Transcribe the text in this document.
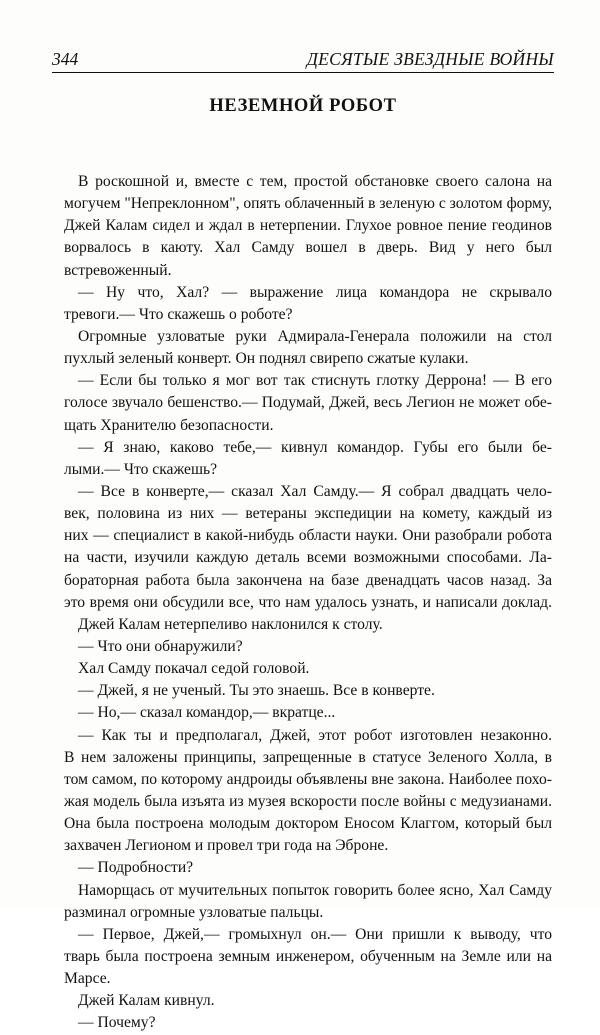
344	ДЕСЯТЫЕ ЗВЕЗДНЫЕ ВОЙНЫ
НЕЗЕМНОЙ РОБОТ
В роскошной и, вместе с тем, простой обстановке своего салона на
могучем "Непреклонном", опять облаченный в зеленую с золотом форму,
Джей Калам сидел и ждал в нетерпении. Глухое ровное пение геодинов
ворвалось в каюту. Хал Самду вошел в дверь. Вид у него был
встревоженный.
— Ну что, Хал? — выражение лица командора не скрывало
тревоги.— Что скажешь о роботе?
Огромные узловатые руки Адмирала-Генерала положили на стол
пухлый зеленый конверт. Он поднял свирепо сжатые кулаки.
— Если бы только я мог вот так стиснуть глотку Деррона! — В его
голосе звучало бешенство.— Подумай, Джей, весь Легион не может обе-
щать Хранителю безопасности.
— Я знаю, каково тебе,— кивнул командор. Губы его были бе-
лыми.— Что скажешь?
— Все в конверте,— сказал Хал Самду.— Я собрал двадцать чело-
век, половина из них — ветераны экспедиции на комету, каждый из
них — специалист в какой-нибудь области науки. Они разобрали робота
на части, изучили каждую деталь всеми возможными способами. Ла-
бораторная работа была закончена на базе двенадцать часов назад. За
это время они обсудили все, что нам удалось узнать, и написали доклад.
Джей Калам нетерпеливо наклонился к столу.
— Что они обнаружили?
Хал Самду покачал седой головой.
— Джей, я не ученый. Ты это знаешь. Все в конверте.
— Но,— сказал командор,— вкратце...
— Как ты и предполагал, Джей, этот робот изготовлен незаконно.
В нем заложены принципы, запрещенные в статусе Зеленого Холла, в
том самом, по которому андроиды объявлены вне закона. Наиболее похо-
жая модель была изъята из музея вскорости после войны с медузианами.
Она была построена молодым доктором Еносом Клаггом, который был
захвачен Легионом и провел три года на Эброне.
— Подробности?
Наморщась от мучительных попыток говорить более ясно, Хал Самду
разминал огромные узловатые пальцы.
— Первое, Джей,— громыхнул он.— Они пришли к выводу, что
тварь была построена земным инженером, обученным на Земле или на
Марсе.
Джей Калам кивнул.
— Почему?
